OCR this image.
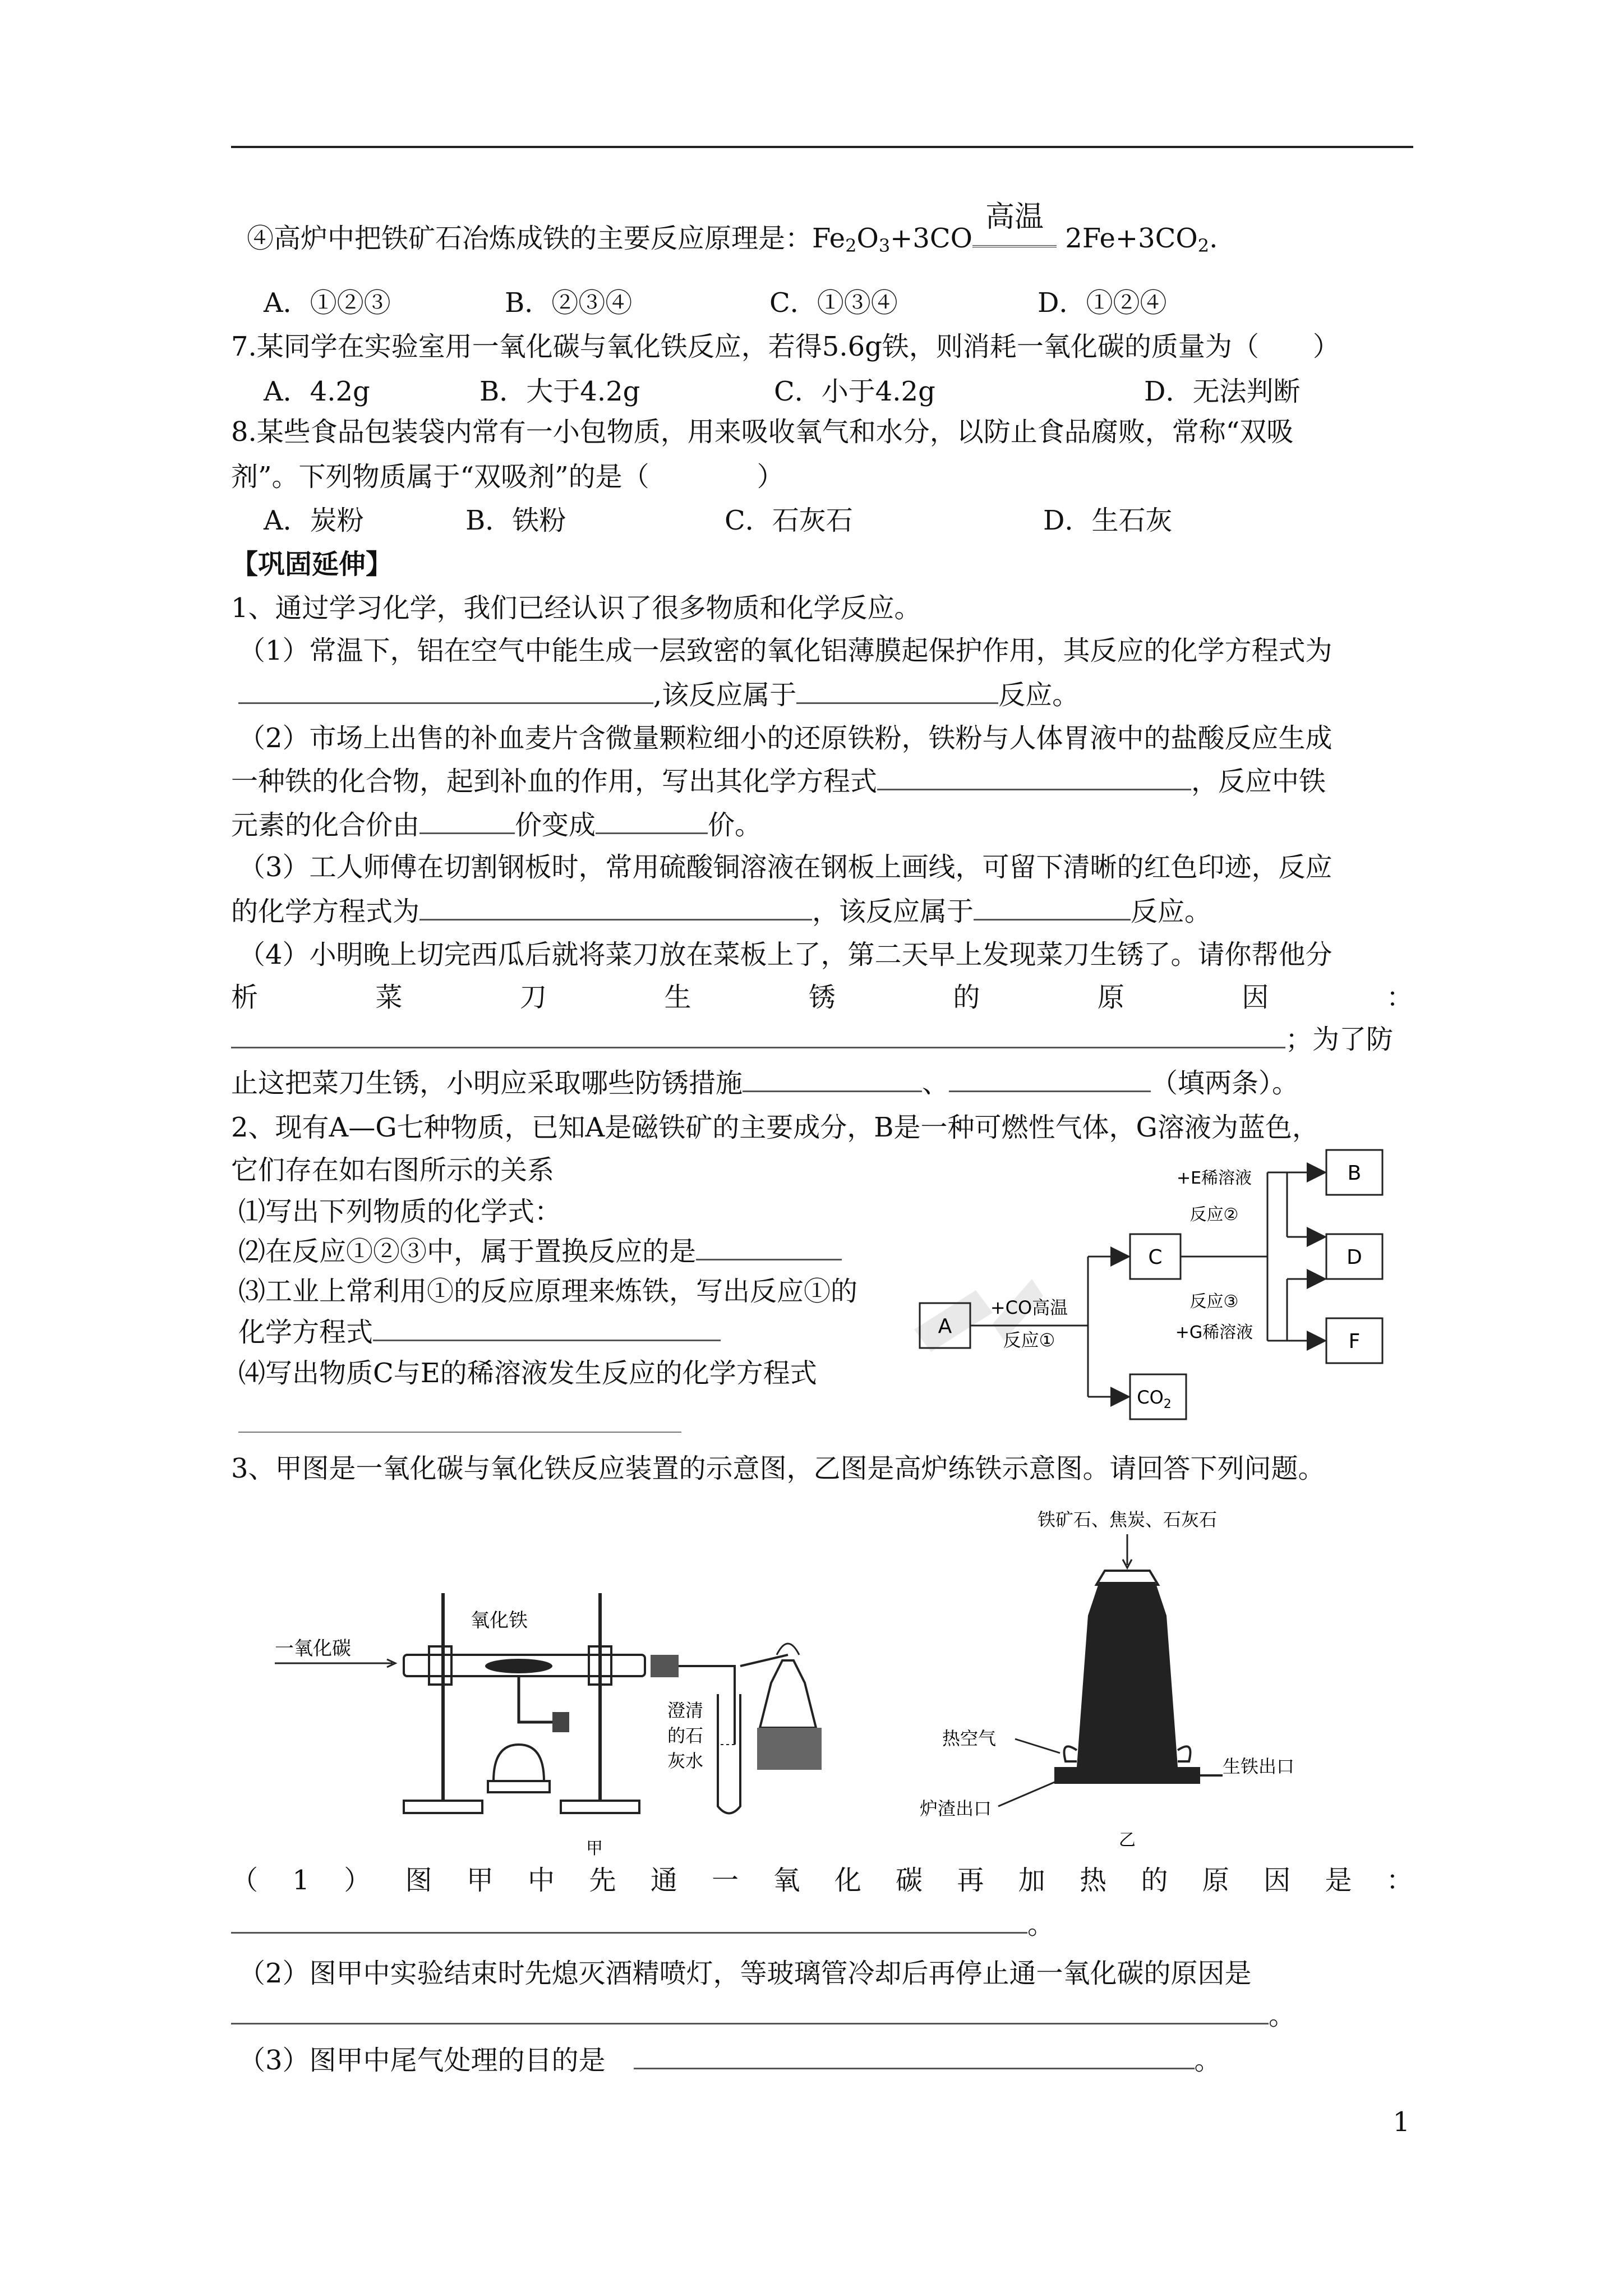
④高炉中把铁矿石冶炼成铁的主要反应原理是：$Fe_2O_3+3CO$
高温
$2Fe+3CO_2$.
A．①②③	B．②③④	C．①③④	D．①②④
7.某同学在实验室用一氧化碳与氧化铁反应，若得5.6g铁，则消耗一氧化碳的质量为（　　）
A．4.2g	B．大于4.2g	C．小于4.2g	D．无法判断
8.某些食品包装袋内常有一小包物质，用来吸收氧气和水分，以防止食品腐败，常称“双吸
剂”。下列物质属于“双吸剂”的是（　　　　）
A．炭粉	B．铁粉	C．石灰石	D．生石灰
【巩固延伸】
1、通过学习化学，我们已经认识了很多物质和化学反应。
（1）常温下，铝在空气中能生成一层致密的氧化铝薄膜起保护作用，其反应的化学方程式为
,该反应属于	反应。
（2）市场上出售的补血麦片含微量颗粒细小的还原铁粉，铁粉与人体胃液中的盐酸反应生成
一种铁的化合物，起到补血的作用，写出其化学方程式	，反应中铁
元素的化合价由	价变成	价。
（3）工人师傅在切割钢板时，常用硫酸铜溶液在钢板上画线，可留下清晰的红色印迹，反应
的化学方程式为	，该反应属于	反应。
（4）小明晚上切完西瓜后就将菜刀放在菜板上了，第二天早上发现菜刀生锈了。请你帮他分
析	菜	刀	生	锈	的	原	因	：
；为了防
止这把菜刀生锈，小明应采取哪些防锈措施	、	（填两条）。
2、现有A—G七种物质，已知A是磁铁矿的主要成分，B是一种可燃性气体，G溶液为蓝色，
它们存在如右图所示的关系
⑴写出下列物质的化学式：
⑵在反应①②③中，属于置换反应的是
⑶工业上常利用①的反应原理来炼铁，写出反应①的
化学方程式
⑷写出物质C与E的稀溶液发生反应的化学方程式
A
+CO高温
反应①
C
$CO_2$
+E稀溶液
反应②
反应③
+G稀溶液
B
D
F
3、甲图是一氧化碳与氧化铁反应装置的示意图，乙图是高炉练铁示意图。请回答下列问题。
一氧化碳
氧化铁
澄清
的石
灰水
甲
铁矿石、焦炭、石灰石
热空气
生铁出口
炉渣出口
乙
（ 1 ） 图 甲 中 先 通 一 氧 化 碳 再 加 热 的 原 因 是 ：
。
（2）图甲中实验结束时先熄灭酒精喷灯，等玻璃管冷却后再停止通一氧化碳的原因是
。
（3）图甲中尾气处理的目的是	。
1
